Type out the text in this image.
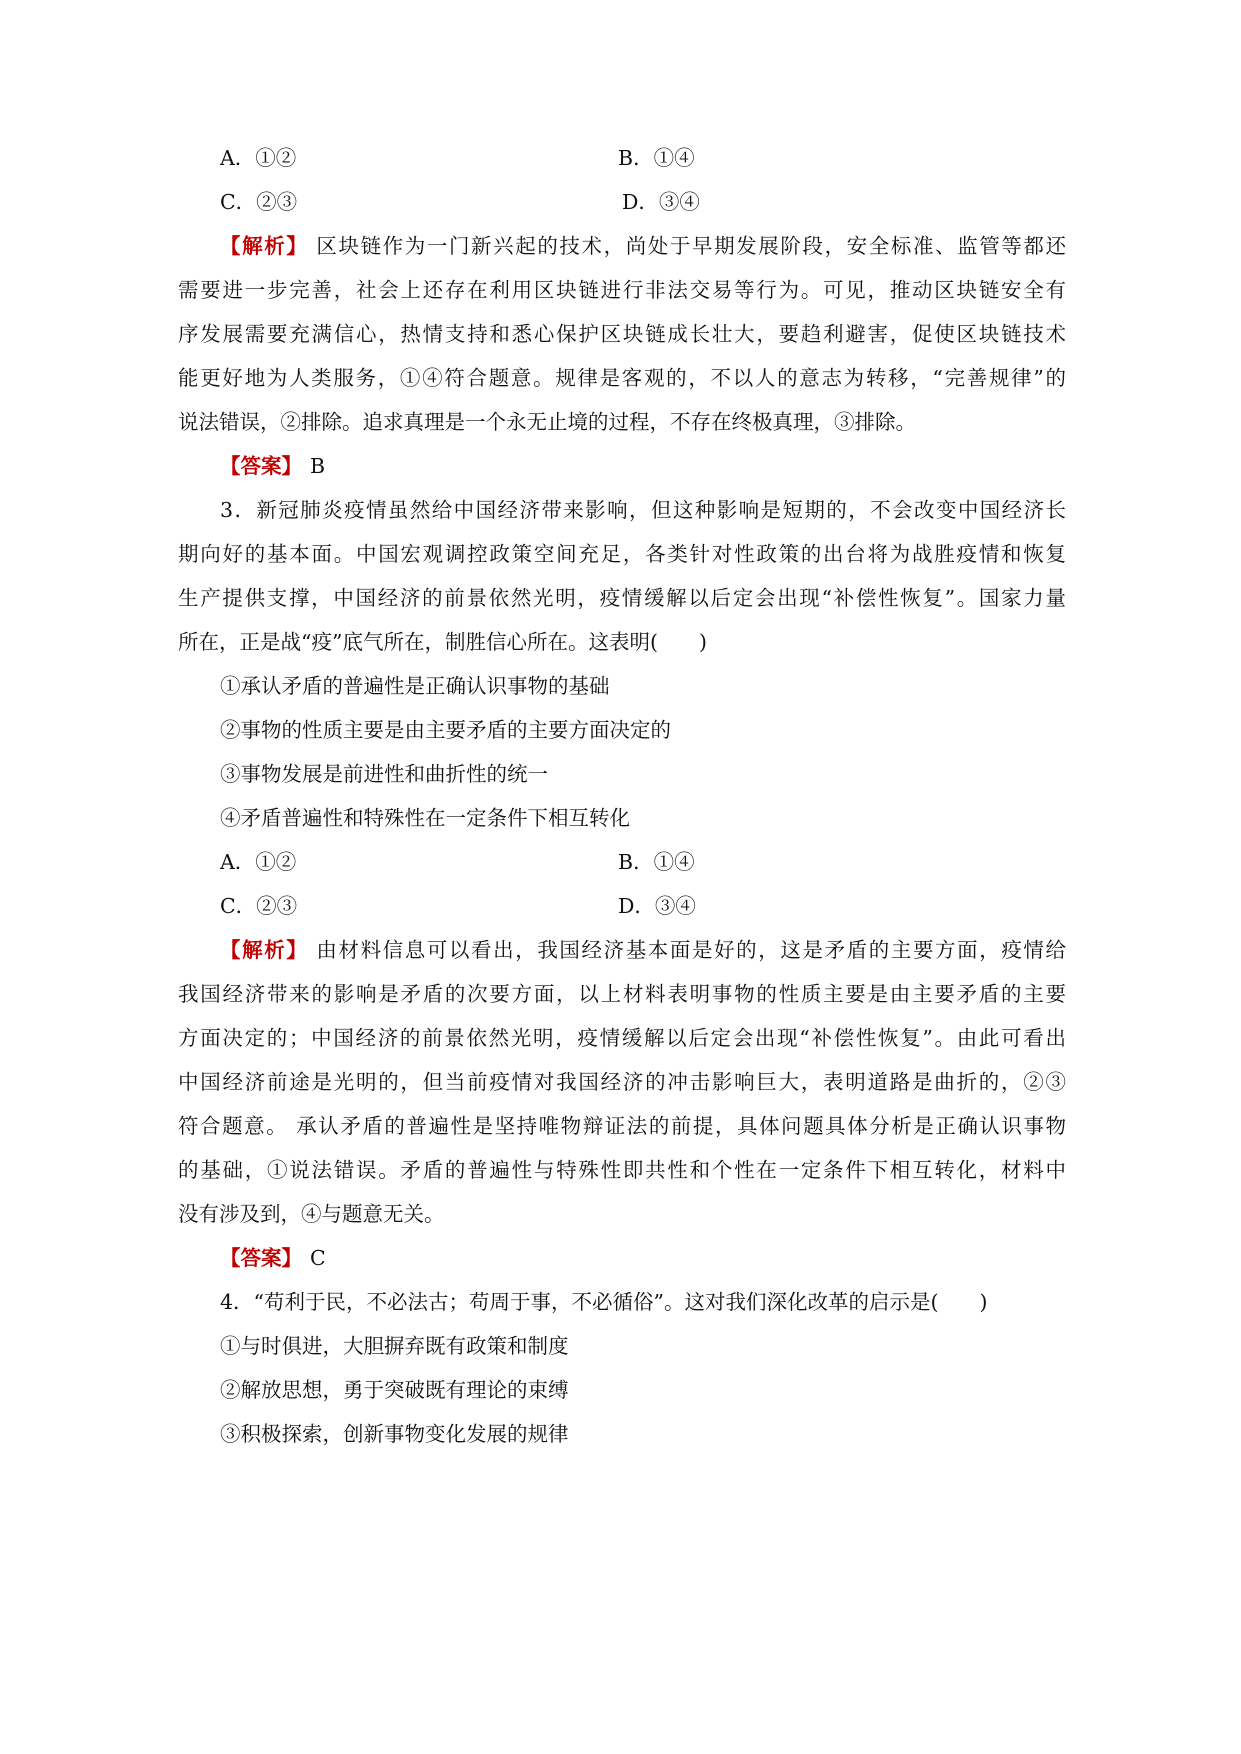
A．①②	B．①④
C．②③	D．③④
【解析】 区块链作为一门新兴起的技术，尚处于早期发展阶段，安全标准、监管等都还
需要进一步完善，社会上还存在利用区块链进行非法交易等行为。可见，推动区块链安全有
序发展需要充满信心，热情支持和悉心保护区块链成长壮大，要趋利避害，促使区块链技术
能更好地为人类服务，①④符合题意。规律是客观的，不以人的意志为转移，“完善规律”的
说法错误，②排除。追求真理是一个永无止境的过程，不存在终极真理，③排除。
【答案】 B
3．新冠肺炎疫情虽然给中国经济带来影响，但这种影响是短期的，不会改变中国经济长
期向好的基本面。中国宏观调控政策空间充足，各类针对性政策的出台将为战胜疫情和恢复
生产提供支撑，中国经济的前景依然光明，疫情缓解以后定会出现“补偿性恢复”。国家力量
所在，正是战“疫”底气所在，制胜信心所在。这表明(　　)
①承认矛盾的普遍性是正确认识事物的基础
②事物的性质主要是由主要矛盾的主要方面决定的
③事物发展是前进性和曲折性的统一
④矛盾普遍性和特殊性在一定条件下相互转化
A．①②	B．①④
C．②③	D．③④
【解析】 由材料信息可以看出，我国经济基本面是好的，这是矛盾的主要方面，疫情给
我国经济带来的影响是矛盾的次要方面，以上材料表明事物的性质主要是由主要矛盾的主要
方面决定的；中国经济的前景依然光明，疫情缓解以后定会出现“补偿性恢复”。由此可看出
中国经济前途是光明的，但当前疫情对我国经济的冲击影响巨大，表明道路是曲折的，②③
符合题意。 承认矛盾的普遍性是坚持唯物辩证法的前提，具体问题具体分析是正确认识事物
的基础，①说法错误。矛盾的普遍性与特殊性即共性和个性在一定条件下相互转化，材料中
没有涉及到，④与题意无关。
【答案】 C
4．“苟利于民，不必法古；苟周于事，不必循俗”。这对我们深化改革的启示是(　　)
①与时俱进，大胆摒弃既有政策和制度
②解放思想，勇于突破既有理论的束缚
③积极探索，创新事物变化发展的规律
